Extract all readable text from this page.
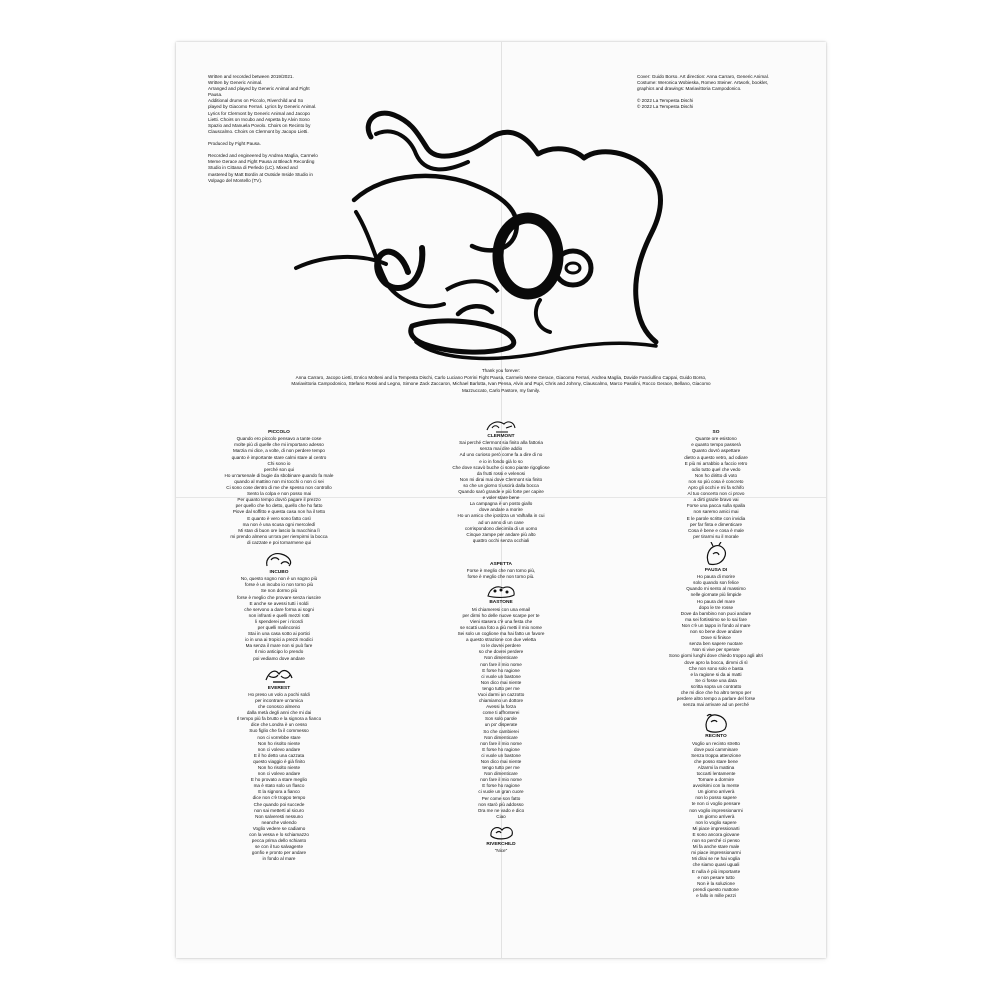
Written and recorded between 2019/2021.
Written by Generic Animal.
Arranged and played by Generic Animal and Fight
Pausa.
Additional drums on Piccolo, Riverchild and So
played by Giacomo Ferrari. Lyrics by Generic Animal.
Lyrics for Clermont by Generic Animal and Jacopo
Lietti. Choirs on Incubo and Aspetta by Alvin Sono
Spazio and Manuela Povolo. Choirs on Recinto by
Clauscalmo. Choirs on Clermont by Jacopo Lietti.

Produced by Fight Pausa.

Recorded and engineered by Andrea Maglia, Carmelo
Meme Gerace and Fight Pausa at Bleach Recording
Studio in Cittana di Perledo (LC). Mixed and
mastered by Matt Bordin at Outside Inside Studio in
Volpago del Montello (TV).
Cover: Guido Borso. Art direction: Anna Carraro, Generic Animal.
Costume: Weronica Wobieska, Romeo Steiner. Artwork, booklet,
graphics and drawings: Mariavittoria Campodonico.

© 2022 La Tempesta Dischi
© 2022 La Tempesta Dischi
Thank you forever:
Anna Carraro, Jacopo Lietti, Enrico Molteni and la Tempesta Dischi, Carlo Luciano Porrini Fight Pausa, Carmelo Meme Gerace, Giacomo Ferrari, Andrea Maglia, Davide Fanciullino Cappai, Guido Borso,
Mariavittoria Campodonico, Stefano Rossi and Legno, Simone Zack Zaccaron, Michael Barlotta, Ivan Pensa, Alvin and Pupi, Chris and Johnny, Clauscalmo, Marco Pasolini, Rocco Gerace, Bellano, Giacomo
Mazzuccato, Carlo Pastore, my family.
PICCOLO
Quando ero piccolo pensavo a tante cose
molte più di quelle che mi importano adesso
Marzia mi dice, a volte, di non perdere tempo
quanto è importante stare calmi stare al centro
Chi sono io
perché son qui
Ho un'arsenale di bugie da sbobinare quando fa male
quando al mattino non mi tocchi o non ci sei
Ci sono cose dentro di me che spesso non controllo
Sento la colpa e non posso mai
Per quanto tempo dovrò pagare il prezzo
per quello che ho detto, quello che ho fatto
Piove dal soffitto e questa casa non ha il tetto
E quanto è vero sono fatto così
ma non è una scusa ogni mercoledì
Mi stan di buon ore lascio la macchina lì
mi prendo almeno un'ora per riempirmi la bocca
di cazzate e poi tornarmene qui
INCUBO
No, questo sogno non è un sogno più
forse è un incubo io non torno più
Se non dormo più
forse è meglio che provare senza riuscire
E anche se avessi tutti i soldi
che servono a dare forma ai sogni
non infranti e quelli mezzi rotti
li spenderei per i ricordi
per quelli malinconici
Stai in una casa sotto ai portici
io in una ai tropici a prezzi modici
Ma senza il mare non si può fare
Il mio anticipo lo prendo
poi vediamo dove andare
EVEREST
Ho preso un volo a pochi soldi
per incontrare un'amica
che conosco almeno
dalla metà degli anni che mi dai
Il tempo più fa brutto e la signora a fianco
dice che Londra è un cesso
Suo figlio che fa il commesso
non ci vorrebbe stare
Non ho risolto niente
non ci volevo andare
E il ho detto una cazzata
questo viaggio è già finito
Non ho risolto niente
non ci volevo andare
E ho provato a stare meglio
ma è stato solo un flasco
E la signora a fianco
dice non c'è troppo tempo
Che quando poi succede
non sai metterti al sicuro
Non salveresti nessuno
neanche volendo
Voglio vedere se cadiamo
con la vessa e lo schiamazzo
pecca prima dello schianto
se con il tuo salvagente
gonfio e pronto per andare
in fondo al mare
CLERMONT
Sai perché Clermont sia finito alla fattoria
senza mai dire addio
Ad uno curioso però come fa a dire di no
e io in fondo già lo so
Che dove scavò buche ci sono piante rigogliose
da frutti rossi e velenosi
Non mi dirai mai dove Clermont sia finito
so che un giorno ti uscirà dalla bocca
Quando sarò grande e più forte per capire
e voler stare bene
La campagna è un posto giallo
dove andare a morire
Ho un amico che ipotizza un Valhalla in cui
ad un anno di un cane
corrispondono diecimila di un uomo
Cinque zampe per andare più alto
quattro occhi senza occhiali
ASPETTA
Forse è meglio che non torno più,
forse è meglio che non torno più.
BASTONE
Mi chiameresi con una email
per dirmi ho delle nuove scarpe per te
Vieni stasera c'è una festa che
se scatti una foto a più metti il mio nome
Sei solo un coglione ma hai fatto un favore
a questo strazione con due veletta
Io le dovrei perdere
so che dovrei perdere
Non dimenticare
non fare il mio nome
E forse ho ragione
ci vuole un bastone
Non dico mai niente
tengo tutto per me
Vuoi darmi un cazzotto
chiamiamo un dottore
Avessi la forza
come ti affronterei
Son solo parole
un po' disperate
So che cambierei
Non dimenticare
non fare il mio nome
E forse ho ragione
ci vuole un bastone
Non dico mai niente
tengo tutto per me
Non dimenticare
non fare il mio nome
E forse ho ragione
ci vuole un gran cuore
Per come son fatto
non starò più addosso
Ora me ne vado e dico
Ciao
RIVERCHILD
"Nice"
SO
Quante ore esistono
e quanto tempo passerà
Quanto dovrò aspettare
dietro a questo vetro, ad odiare
E più mi arrabbio a faccio retro
odio tutto quel che vedo
Non ho diritto di voto
non so più cosa è concreto
Apro gli occhi e mi fa schifo
Al tuo concerto non ci provo
a dirti grazie bravo vai
Forse una pacca sulla spalla
non saremo amici mai
E le parole scritte con invidia
per far finta e dimenticare
Cosa è bene e cosa è male
per tirarmi su il morale
PAUSA DI
Ho paura di morire
solo quando son felice
Quando mi sento al massimo
nelle giornate più limpide
Ho paura del mare
dopo le tre rosse
Dove da bambino non puoi andare
ma sei fortissimo se lo sai fare
Non c'è un tappo in fondo al mare
non so bene dove andare
Dove si finisce
senza ben sapere nuotare
Non si vive per sperare
Sono giorni lunghi dove chiedo troppo agli altri
dove apro la bocca, dimmi di sì
Che non sono solo e basta
e la ragione si da ai matti
Se ci fosse una data
scritta sopra un contratto
che mi dice che ho altro tempo per
perdere altro tempo a parlare del forse
senza mai arrivare ad un perché
RECINTO
Voglio un recinto stretto
dove puoi camminare
Senza troppa attenzione
che posso stare bene
Alzarmi la mattina
toccarti lentamente
Tornare a dormire
avvolsimi con la mente
Un giorno arriverà
non lo posso sapere
te non ci voglio pensare
non voglio impressionarmi
Un giorno arriverà
non lo voglio sapere
Mi piace impressionarti
E sono ancora giovane
non so perché ci penso
Mi fa anche stare male
mi piace impressionarmi
Mi dirai se ne hai voglia
che siamo quasi uguali
E nulla è più importante
e non pesare tutto
Non è la soluzione
prendi questo mattone
e fallo in mille pezzi
